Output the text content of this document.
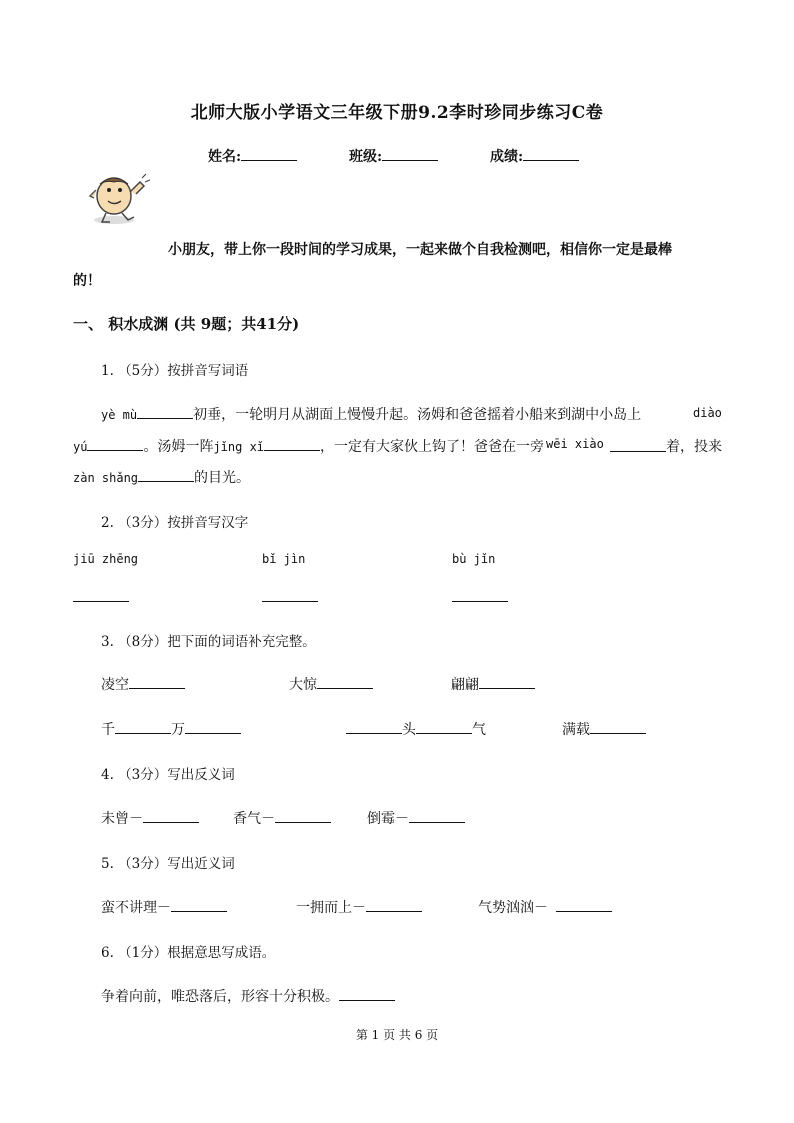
北师大版小学语文三年级下册9.2李时珍同步练习C卷
姓名:	班级:	成绩:
小朋友，带上你一段时间的学习成果，一起来做个自我检测吧，相信你一定是最棒
的！
一、 积水成渊 (共 9题；共41分)
1. （5分）按拼音写词语
yè mù	初垂，一轮明月从湖面上慢慢升起。汤姆和爸爸摇着小船来到湖中小岛上	diào
yú	。汤姆一阵jǐng xǐ	，一定有大家伙上钩了！爸爸在一旁 wēi xiào	着，投来
zàn shǎng	的目光。
2. （3分）按拼音写汉字
jiū zhēng	bǐ jìn	bù jǐn
3. （8分）把下面的词语补充完整。
凌空	大惊	翩翩
千	万	头	气	满载
4. （3分）写出反义词
未曾－	香气－	倒霉－
5. （3分）写出近义词
蛮不讲理－	一拥而上－	气势汹汹－
6. （1分）根据意思写成语。
争着向前，唯恐落后，形容十分积极。
第 1 页 共 6 页
